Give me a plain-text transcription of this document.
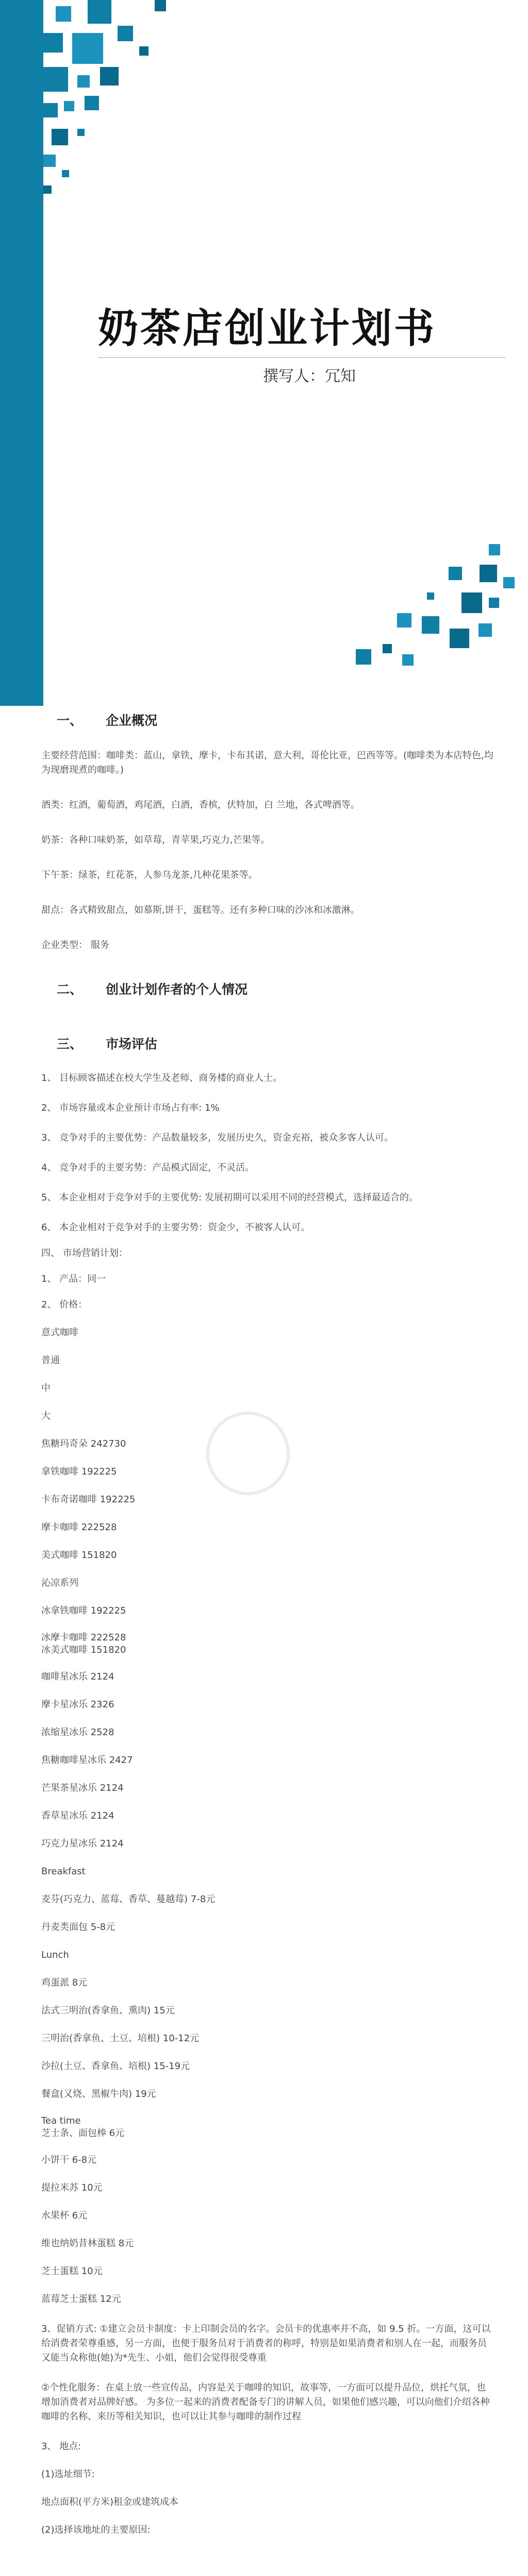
奶茶店创业计划书
撰写人：冗知
一、 企业概况

主要经营范围：咖啡类：蓝山，拿铁，摩卡，卡布其诺，意大利，哥伦比亚，巴西等等。(咖啡类为本店特色,均为现磨现煮的咖啡。)

酒类：红酒，葡萄酒，鸡尾酒，白酒，香槟，伏特加，白 兰地，各式啤酒等。

奶茶：各种口味奶茶，如草莓，青苹果,巧克力,芒果等。

下午茶：绿茶，红花茶，人参乌龙茶,几种花果茶等。

甜点：各式精致甜点，如慕斯,饼干，蛋糕等。还有多种口味的沙冰和冰激淋。

企业类型： 服务

二、 创业计划作者的个人情况
三、 市场评估

1、 目标顾客描述在校大学生及老师、商务楼的商业人士。

2、 市场容量或本企业预计市场占有率: 1%

3、 竞争对手的主要优势：产品数量较多，发展历史久，资金充裕，被众多客人认可。

4、 竞争对手的主要劣势：产品模式固定，不灵活。

5、 本企业相对于竞争对手的主要优势: 发展初期可以采用不同的经营模式，选择最适合的。

6、 本企业相对于竞争对手的主要劣势：资金少，不被客人认可。

四、 市场营销计划：

1、 产品：同一

2、 价格：

意式咖啡

普通

中

大

焦糖玛奇朵 242730

拿铁咖啡 192225

卡布奇诺咖啡 192225

摩卡咖啡 222528

美式咖啡 151820

沁凉系列

冰拿铁咖啡 192225

冰摩卡咖啡 222528

冰美式咖啡 151820

咖啡星冰乐 2124

摩卡星冰乐 2326

浓缩星冰乐 2528

焦糖咖啡星冰乐 2427

芒果茶星冰乐 2124

香草星冰乐 2124

巧克力星冰乐 2124

Breakfast

麦芬(巧克力、蓝莓、香草、蔓越莓) 7-8元

丹麦类面包 5-8元

Lunch

鸡蛋派 8元

法式三明治(香拿鱼、熏肉) 15元

三明治(香拿鱼、土豆、培根) 10-12元

沙拉(土豆、香拿鱼、培根) 15-19元

餐盒(又烧、黑椒牛肉) 19元

Tea time

芝士条、面包棒 6元

小饼干 6-8元

提拉米苏 10元

水果杯 6元

维也纳奶昔林蛋糕 8元

芝士蛋糕 10元

蓝莓芝士蛋糕 12元

3、促销方式: ①建立会员卡制度：卡上印制会员的名字。会员卡的优惠率并不高，如 9.5 折。一方面，这可以给消费者荣尊重感，另一方面，也便于服务员对于消费者的称呼，特别是如果消费者和别人在一起，而服务员又能当众称他(她)为*先生、小姐，他们会觉得很受尊重

②个性化服务：在桌上放一些宣传品，内容是关于咖啡的知识，故事等，一方面可以提升品位，烘托气氛，也增加消费者对品牌好感。 为多位一起来的消费者配备专门的讲解人员，如果他们感兴趣，可以向他们介绍各种咖啡的名称、来历等相关知识，也可以让其参与咖啡的制作过程

3、 地点:

(1)选址细节:

地点面积(平方米)租金或建筑成本

(2)选择该地址的主要原因:
